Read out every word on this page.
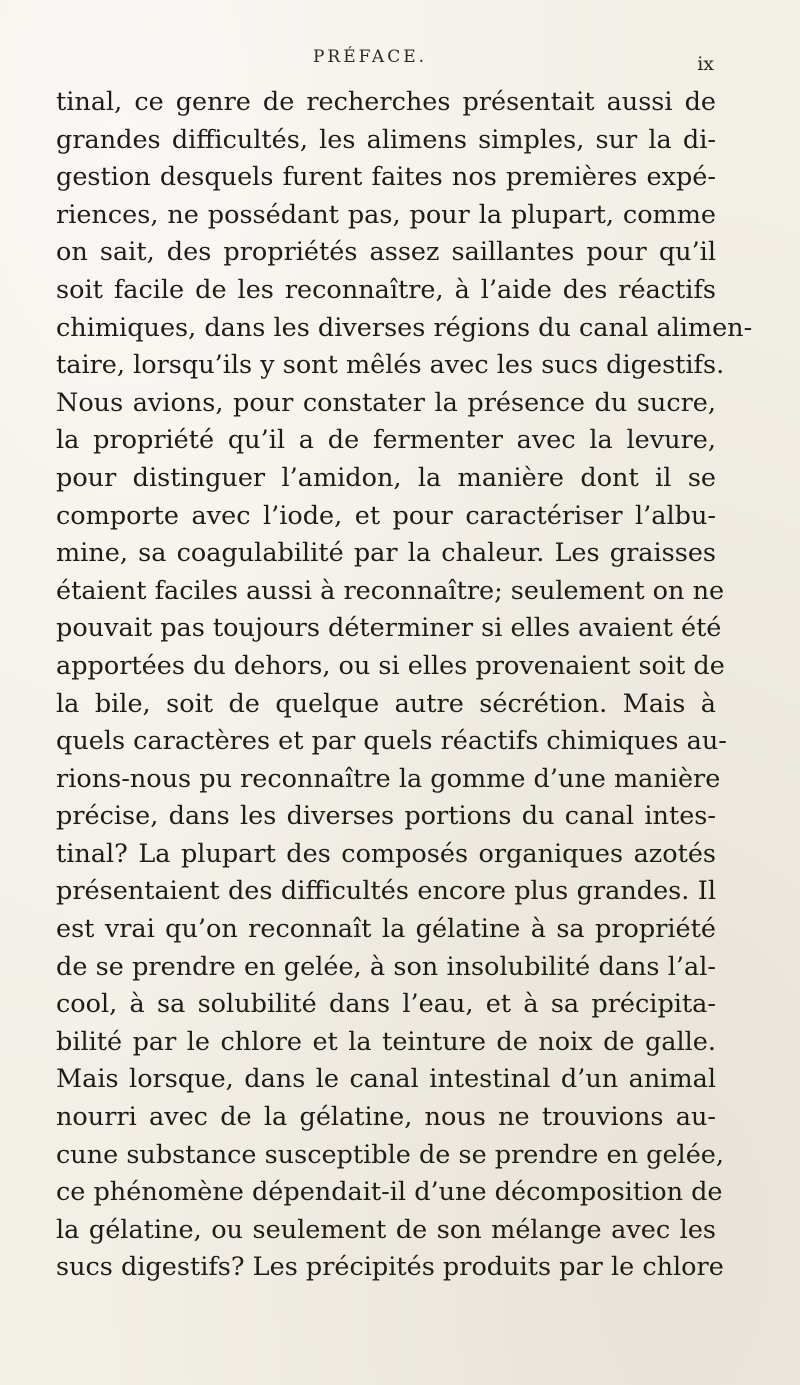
PRÉFACE.	ix
tinal, ce genre de recherches présentait aussi de
grandes difficultés, les alimens simples, sur la di-
gestion desquels furent faites nos premières expé-
riences, ne possédant pas, pour la plupart, comme
on sait, des propriétés assez saillantes pour qu’il
soit facile de les reconnaître, à l’aide des réactifs
chimiques, dans les diverses régions du canal alimen-
taire, lorsqu’ils y sont mêlés avec les sucs digestifs.
Nous avions, pour constater la présence du sucre,
la propriété qu’il a de fermenter avec la levure,
pour distinguer l’amidon, la manière dont il se
comporte avec l’iode, et pour caractériser l’albu-
mine, sa coagulabilité par la chaleur. Les graisses
étaient faciles aussi à reconnaître; seulement on ne
pouvait pas toujours déterminer si elles avaient été
apportées du dehors, ou si elles provenaient soit de
la bile, soit de quelque autre sécrétion. Mais à
quels caractères et par quels réactifs chimiques au-
rions-nous pu reconnaître la gomme d’une manière
précise, dans les diverses portions du canal intes-
tinal? La plupart des composés organiques azotés
présentaient des difficultés encore plus grandes. Il
est vrai qu’on reconnaît la gélatine à sa propriété
de se prendre en gelée, à son insolubilité dans l’al-
cool, à sa solubilité dans l’eau, et à sa précipita-
bilité par le chlore et la teinture de noix de galle.
Mais lorsque, dans le canal intestinal d’un animal
nourri avec de la gélatine, nous ne trouvions au-
cune substance susceptible de se prendre en gelée,
ce phénomène dépendait-il d’une décomposition de
la gélatine, ou seulement de son mélange avec les
sucs digestifs? Les précipités produits par le chlore
